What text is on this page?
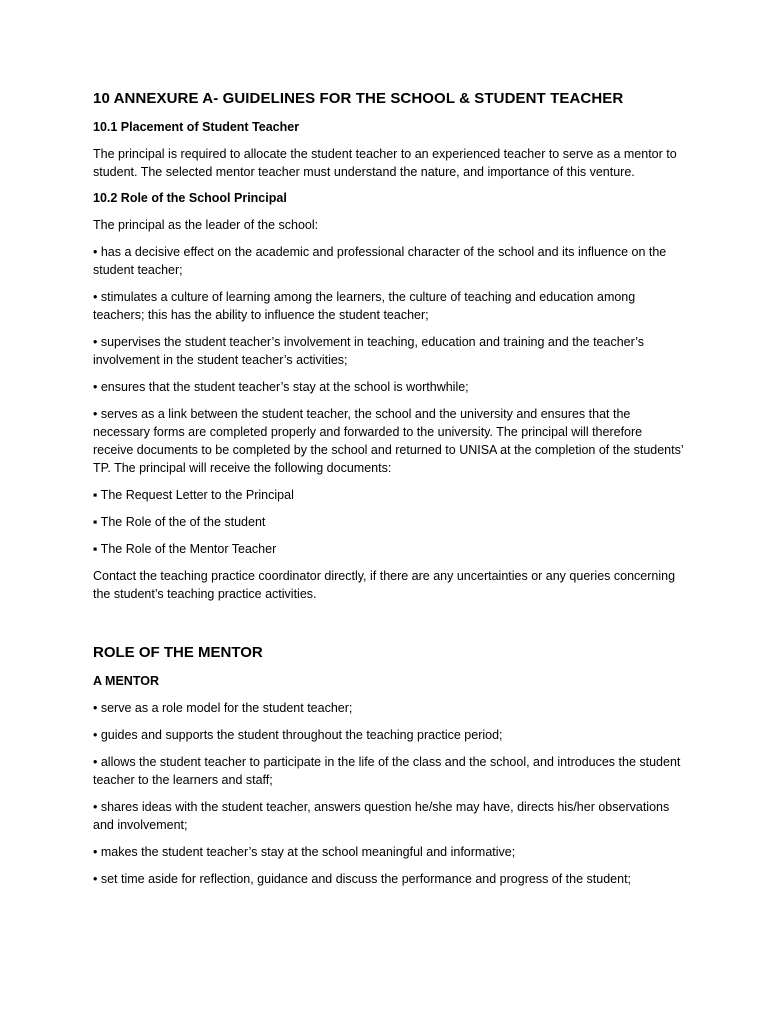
10 ANNEXURE A- GUIDELINES FOR THE SCHOOL & STUDENT TEACHER
10.1 Placement of Student Teacher

The principal is required to allocate the student teacher to an experienced teacher to serve as a mentor to student. The selected mentor teacher must understand the nature, and importance of this venture.

10.2 Role of the School Principal

The principal as the leader of the school:

• has a decisive effect on the academic and professional character of the school and its influence on the student teacher;

• stimulates a culture of learning among the learners, the culture of teaching and education among teachers; this has the ability to influence the student teacher;

• supervises the student teacher’s involvement in teaching, education and training and the teacher’s involvement in the student teacher’s activities;

• ensures that the student teacher’s stay at the school is worthwhile;

• serves as a link between the student teacher, the school and the university and ensures that the necessary forms are completed properly and forwarded to the university. The principal will therefore receive documents to be completed by the school and returned to UNISA at the completion of the students’ TP. The principal will receive the following documents:

▪ The Request Letter to the Principal

▪ The Role of the of the student

▪ The Role of the Mentor Teacher

Contact the teaching practice coordinator directly, if there are any uncertainties or any queries concerning the student’s teaching practice activities.

ROLE OF THE MENTOR
A MENTOR

• serve as a role model for the student teacher;

• guides and supports the student throughout the teaching practice period;

• allows the student teacher to participate in the life of the class and the school, and introduces the student teacher to the learners and staff;

• shares ideas with the student teacher, answers question he/she may have, directs his/her observations and involvement;

• makes the student teacher’s stay at the school meaningful and informative;

• set time aside for reflection, guidance and discuss the performance and progress of the student;
